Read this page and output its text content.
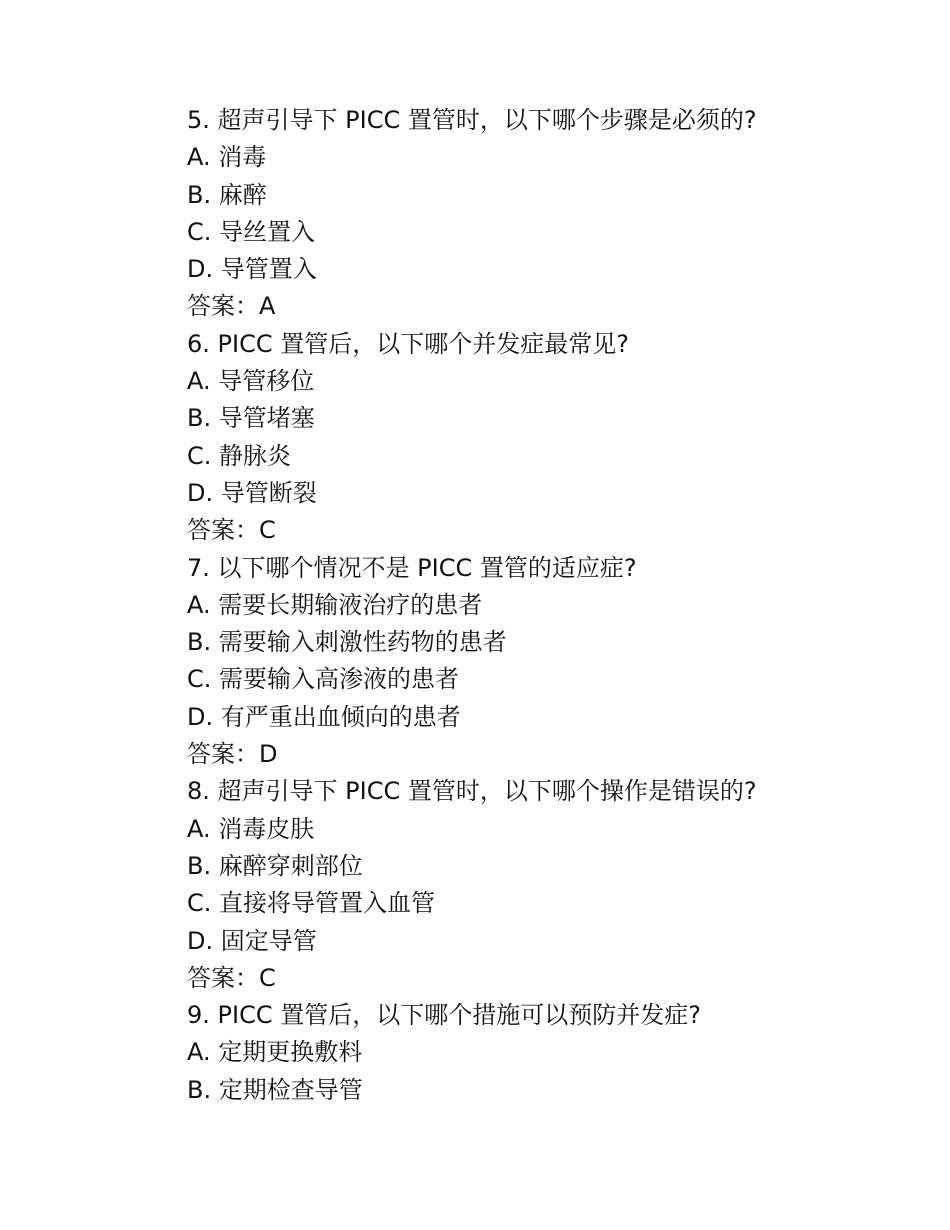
5. 超声引导下 PICC 置管时，以下哪个步骤是必须的?
A. 消毒
B. 麻醉
C. 导丝置入
D. 导管置入
答案：A
6. PICC 置管后，以下哪个并发症最常见?
A. 导管移位
B. 导管堵塞
C. 静脉炎
D. 导管断裂
答案：C
7. 以下哪个情况不是 PICC 置管的适应症?
A. 需要长期输液治疗的患者
B. 需要输入刺激性药物的患者
C. 需要输入高渗液的患者
D. 有严重出血倾向的患者
答案：D
8. 超声引导下 PICC 置管时，以下哪个操作是错误的?
A. 消毒皮肤
B. 麻醉穿刺部位
C. 直接将导管置入血管
D. 固定导管
答案：C
9. PICC 置管后，以下哪个措施可以预防并发症?
A. 定期更换敷料
B. 定期检查导管
